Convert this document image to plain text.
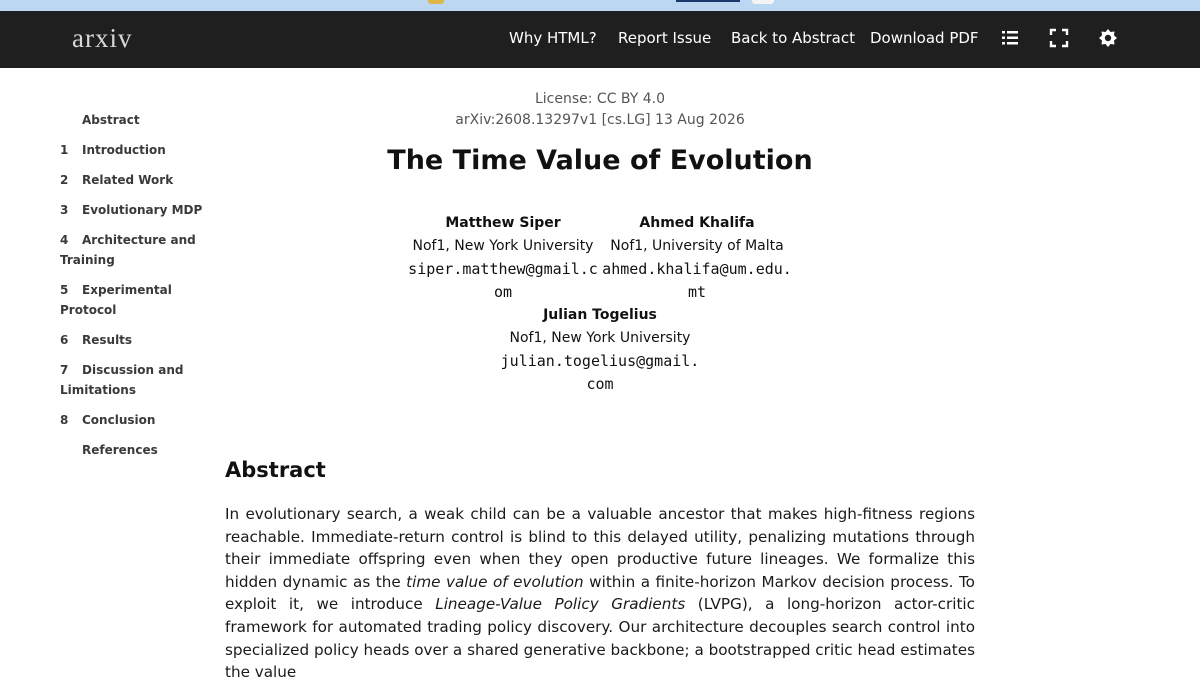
arxiv	Why HTML? Report Issue Back to Abstract Download PDF
Abstract
1 Introduction
2 Related Work
3 Evolutionary MDP
4 Architecture and Training
5 Experimental Protocol
6 Results
7 Discussion and Limitations
8 Conclusion
References
License: CC BY 4.0
arXiv:2608.13297v1 [cs.LG] 13 Aug 2026
The Time Value of Evolution
Matthew Siper
Nof1, New York University
siper.matthew@gmail.com
Ahmed Khalifa
Nof1, University of Malta
ahmed.khalifa@um.edu.mt
Julian Togelius
Nof1, New York University
julian.togelius@gmail.com
Abstract

In evolutionary search, a weak child can be a valuable ancestor that makes high-fitness regions reachable. Immediate-return control is blind to this delayed utility, penalizing mutations through their immediate offspring even when they open productive future lineages. We formalize this hidden dynamic as the time value of evolution within a finite-horizon Markov decision process. To exploit it, we introduce Lineage-Value Policy Gradients (LVPG), a long-horizon actor-critic framework for automated trading policy discovery. Our architecture decouples search control into specialized policy heads over a shared generative backbone; a bootstrapped critic head estimates the value
